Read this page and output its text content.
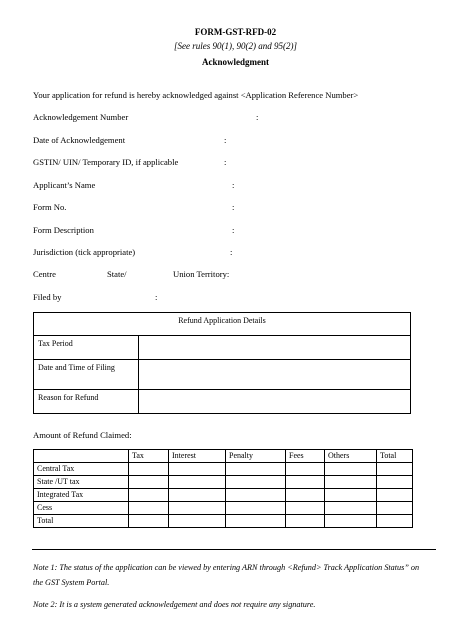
FORM-GST-RFD-02
[See rules 90(1), 90(2) and 95(2)]
Acknowledgment
Your application for refund is hereby acknowledged against <Application Reference Number>
Acknowledgement Number	:
Date of Acknowledgement	:
GSTIN/ UIN/ Temporary ID, if applicable	:
Applicant’s Name	:
Form No.	:
Form Description	:
Jurisdiction (tick appropriate)	:
Centre	State/	Union Territory:
Filed by	:
Refund Application Details	
Tax Period	
Date and Time of Filing	
Reason for Refund	
Amount of Refund Claimed:
	Tax	Interest	Penalty	Fees	Others	Total
Central Tax						
State /UT tax						
Integrated Tax						
Cess						
Total						
Note 1: The status of the application can be viewed by entering ARN through <Refund> Track Application Status” on the GST System Portal.
Note 2: It is a system generated acknowledgement and does not require any signature.
